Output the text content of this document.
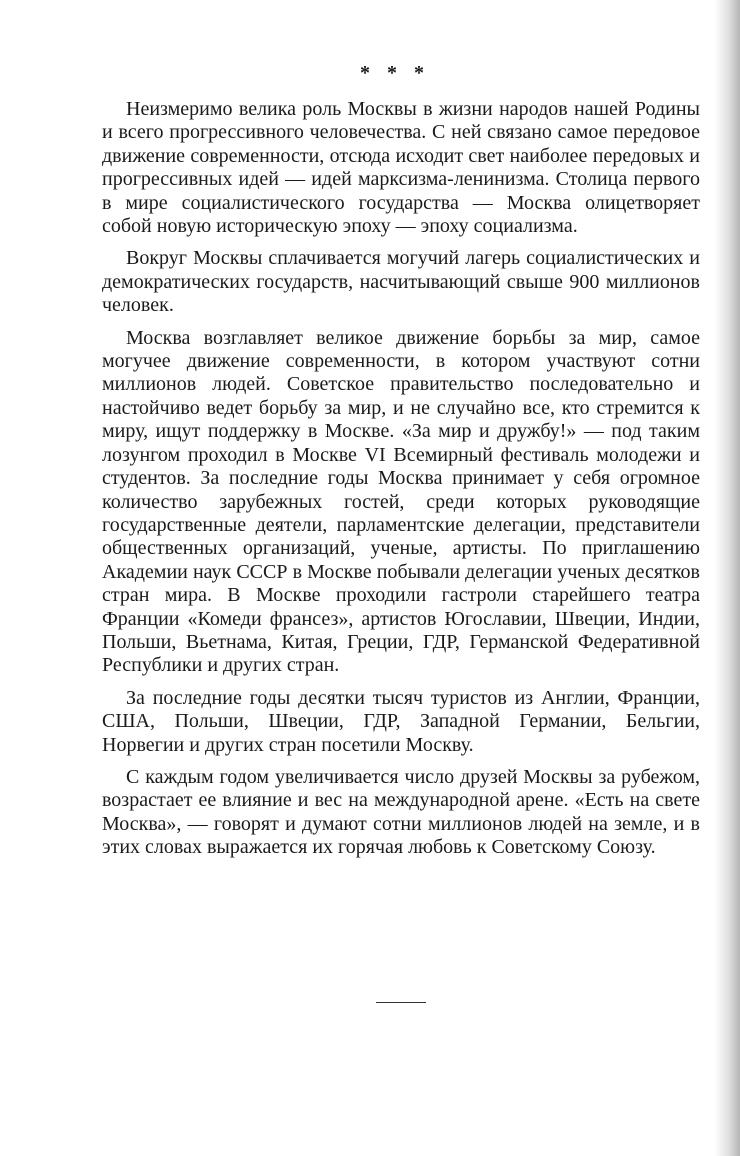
* * *

Неизмеримо велика роль Москвы в жизни народов нашей Родины и всего прогрессивного человечества. С ней связано самое передовое движение современности, отсюда исходит свет наиболее передовых и прогрессивных идей — идей марксизма-ленинизма. Столица первого в мире социалистического государства — Москва олицетворяет собой новую историческую эпоху — эпоху социализма.

Вокруг Москвы сплачивается могучий лагерь социалистических и демократических государств, насчитывающий свыше 900 миллионов человек.

Москва возглавляет великое движение борьбы за мир, самое могучее движение современности, в котором участвуют сотни миллионов людей. Советское правительство последовательно и настойчиво ведет борьбу за мир, и не случайно все, кто стремится к миру, ищут поддержку в Москве. «За мир и дружбу!» — под таким лозунгом проходил в Москве VI Всемирный фестиваль молодежи и студентов. За последние годы Москва принимает у себя огромное количество зарубежных гостей, среди которых руководящие государственные деятели, парламентские делегации, представители общественных организаций, ученые, артисты. По приглашению Академии наук СССР в Москве побывали делегации ученых десятков стран мира. В Москве проходили гастроли старейшего театра Франции «Комеди франсез», артистов Югославии, Швеции, Индии, Польши, Вьетнама, Китая, Греции, ГДР, Германской Федеративной Республики и других стран.

За последние годы десятки тысяч туристов из Англии, Франции, США, Польши, Швеции, ГДР, Западной Германии, Бельгии, Норвегии и других стран посетили Москву.

С каждым годом увеличивается число друзей Москвы за рубежом, возрастает ее влияние и вес на международной арене. «Есть на свете Москва», — говорят и думают сотни миллионов людей на земле, и в этих словах выражается их горячая любовь к Советскому Союзу.
